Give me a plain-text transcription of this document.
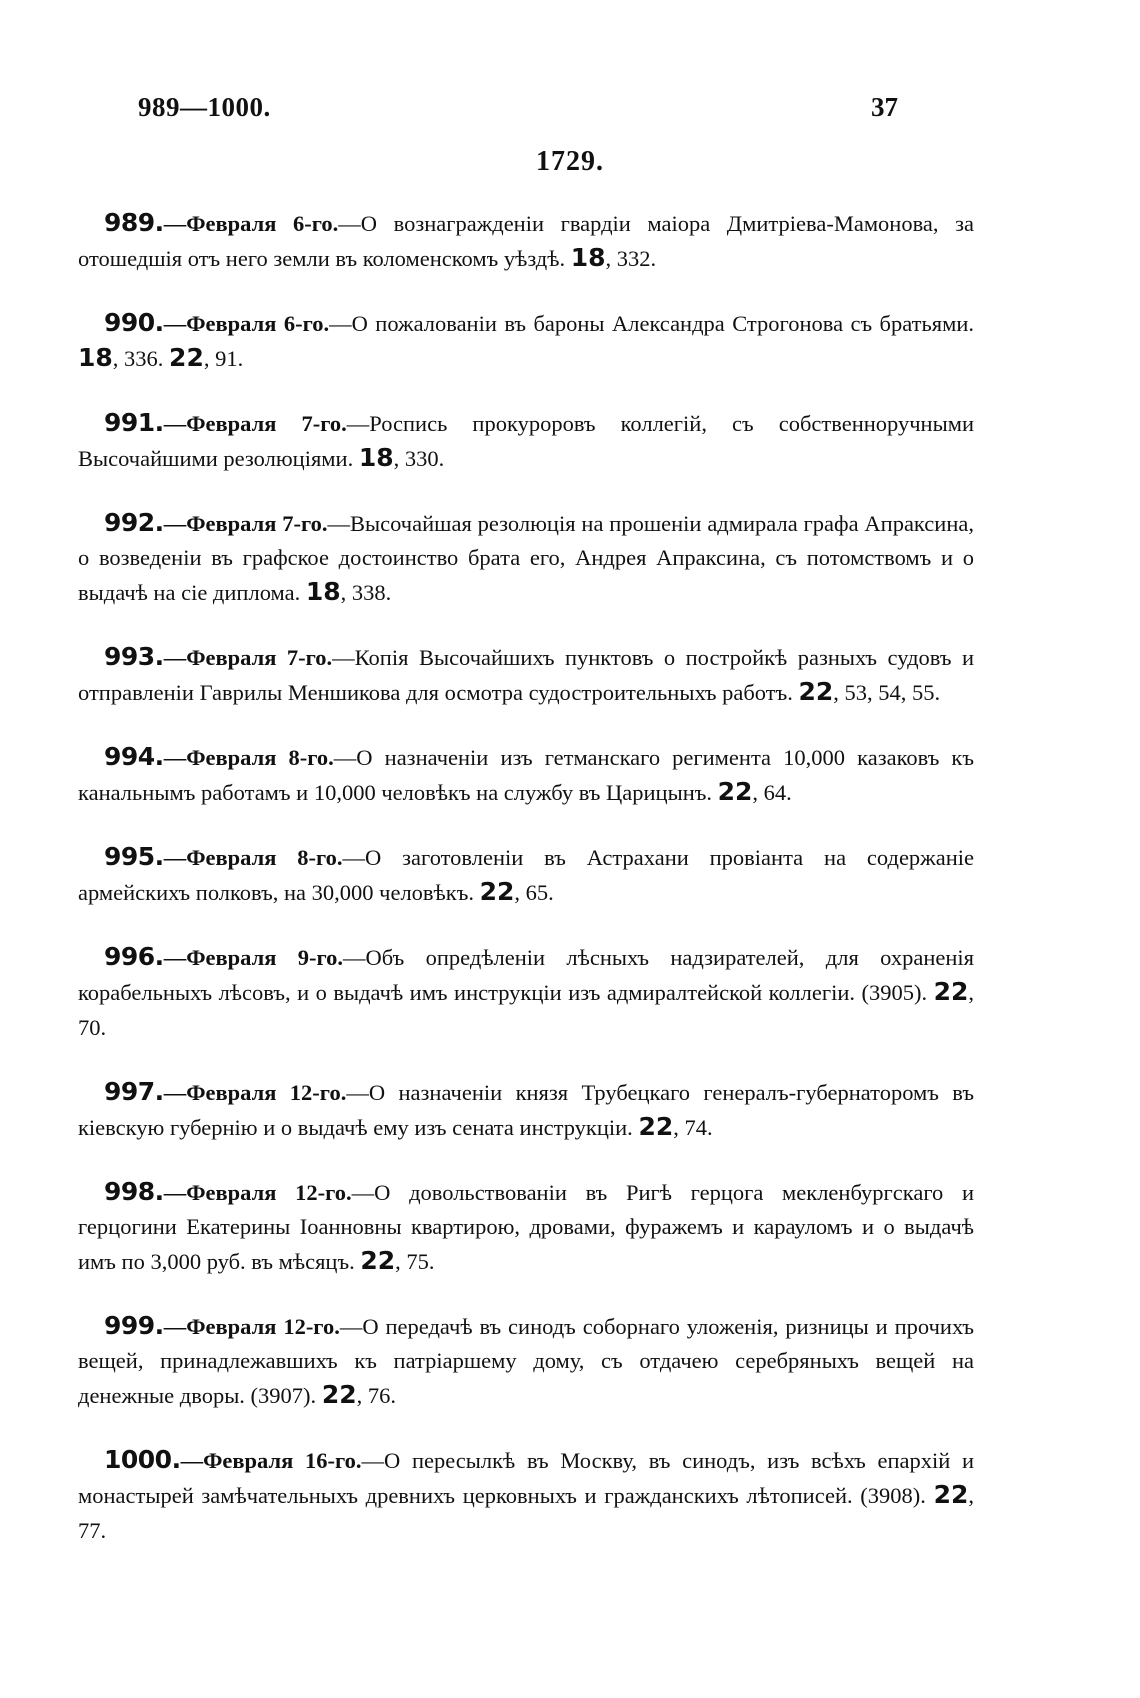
989—1000.	37
1729.

989.—Февраля 6-го.—О вознагражденіи гвардіи маіора Дмитріева-Мамонова, за отошедшія отъ него земли въ коломенскомъ уѣздѣ. 18, 332.

990.—Февраля 6-го.—О пожалованіи въ бароны Александра Строгонова съ братьями. 18, 336. 22, 91.

991.—Февраля 7-го.—Роспись прокуроровъ коллегій, съ собственноручными Высочайшими резолюціями. 18, 330.

992.—Февраля 7-го.—Высочайшая резолюція на прошеніи адмирала графа Апраксина, о возведеніи въ графское достоинство брата его, Андрея Апраксина, съ потомствомъ и о выдачѣ на сіе диплома. 18, 338.

993.—Февраля 7-го.—Копія Высочайшихъ пунктовъ о постройкѣ разныхъ судовъ и отправленіи Гаврилы Меншикова для осмотра судостроительныхъ работъ. 22, 53, 54, 55.

994.—Февраля 8-го.—О назначеніи изъ гетманскаго регимента 10,000 казаковъ къ канальнымъ работамъ и 10,000 человѣкъ на службу въ Царицынъ. 22, 64.

995.—Февраля 8-го.—О заготовленіи въ Астрахани провіанта на содержаніе армейскихъ полковъ, на 30,000 человѣкъ. 22, 65.

996.—Февраля 9-го.—Объ опредѣленіи лѣсныхъ надзирателей, для охраненія корабельныхъ лѣсовъ, и о выдачѣ имъ инструкціи изъ адмиралтейской коллегіи. (3905). 22, 70.

997.—Февраля 12-го.—О назначеніи князя Трубецкаго генералъ-губернаторомъ въ кіевскую губернію и о выдачѣ ему изъ сената инструкціи. 22, 74.

998.—Февраля 12-го.—О довольствованіи въ Ригѣ герцога мекленбургскаго и герцогини Екатерины Іоанновны квартирою, дровами, фуражемъ и карауломъ и о выдачѣ имъ по 3,000 руб. въ мѣсяцъ. 22, 75.

999.—Февраля 12-го.—О передачѣ въ синодъ соборнаго уложенія, ризницы и прочихъ вещей, принадлежавшихъ къ патріаршему дому, съ отдачею серебряныхъ вещей на денежные дворы. (3907). 22, 76.

1000.—Февраля 16-го.—О пересылкѣ въ Москву, въ синодъ, изъ всѣхъ епархій и монастырей замѣчательныхъ древнихъ церковныхъ и гражданскихъ лѣтописей. (3908). 22, 77.
